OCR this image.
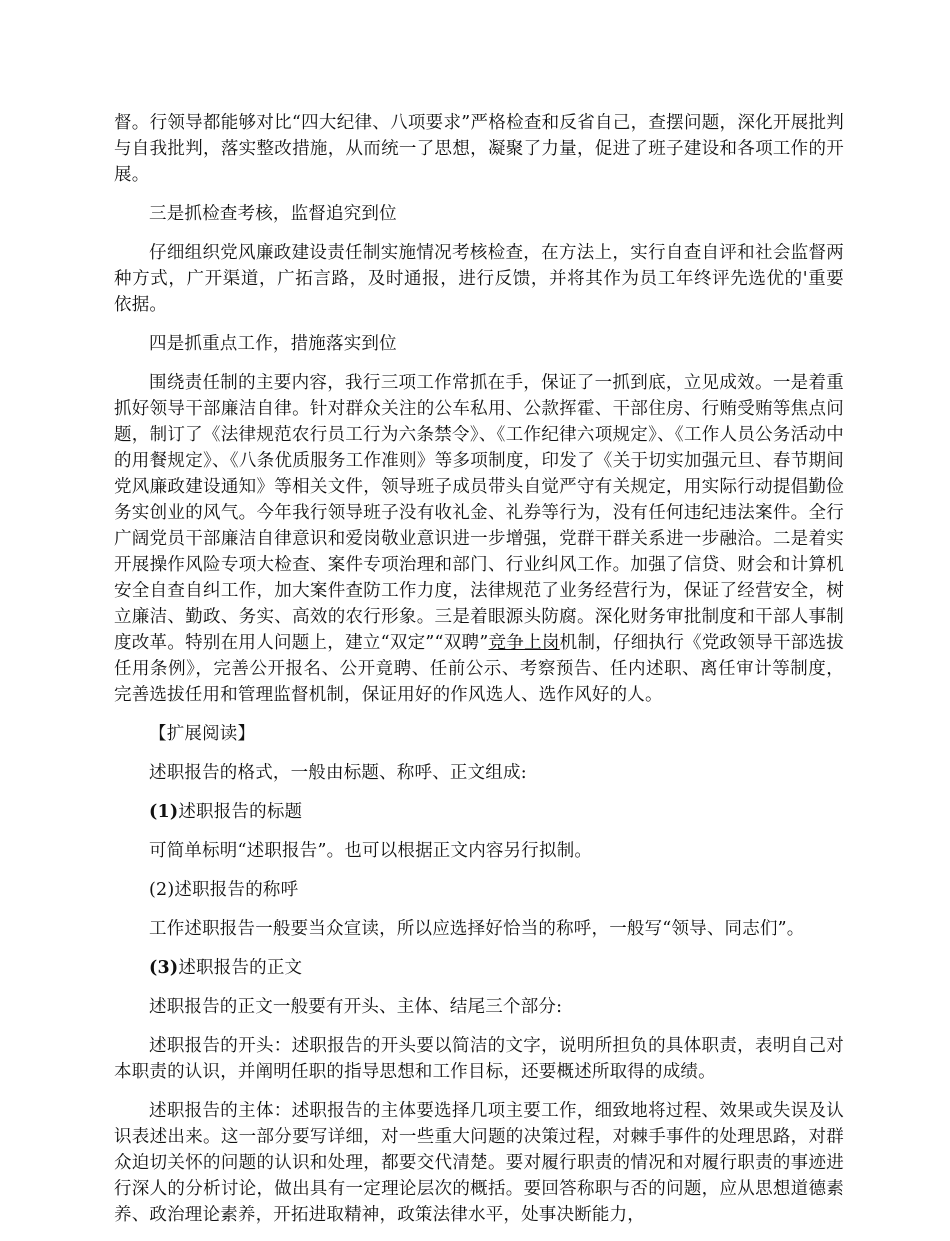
督。行领导都能够对比“四大纪律、八项要求”严格检查和反省自己，查摆问题，深化开展批判与自我批判，落实整改措施，从而统一了思想，凝聚了力量，促进了班子建设和各项工作的开展。

三是抓检查考核，监督追究到位

仔细组织党风廉政建设责任制实施情况考核检查，在方法上，实行自查自评和社会监督两种方式，广开渠道，广拓言路，及时通报，进行反馈，并将其作为员工年终评先选优的'重要依据。

四是抓重点工作，措施落实到位

围绕责任制的主要内容，我行三项工作常抓在手，保证了一抓到底，立见成效。一是着重抓好领导干部廉洁自律。针对群众关注的公车私用、公款挥霍、干部住房、行贿受贿等焦点问题，制订了《法律规范农行员工行为六条禁令》、《工作纪律六项规定》、《工作人员公务活动中的用餐规定》、《八条优质服务工作准则》等多项制度，印发了《关于切实加强元旦、春节期间党风廉政建设通知》等相关文件，领导班子成员带头自觉严守有关规定，用实际行动提倡勤俭务实创业的风气。今年我行领导班子没有收礼金、礼券等行为，没有任何违纪违法案件。全行广阔党员干部廉洁自律意识和爱岗敬业意识进一步增强，党群干群关系进一步融洽。二是着实开展操作风险专项大检查、案件专项治理和部门、行业纠风工作。加强了信贷、财会和计算机安全自查自纠工作，加大案件查防工作力度，法律规范了业务经营行为，保证了经营安全，树立廉洁、勤政、务实、高效的农行形象。三是着眼源头防腐。深化财务审批制度和干部人事制度改革。特别在用人问题上，建立“双定”“双聘”竞争上岗机制，仔细执行《党政领导干部选拔任用条例》，完善公开报名、公开竟聘、任前公示、考察预告、任内述职、离任审计等制度，完善选拔任用和管理监督机制，保证用好的作风选人、选作风好的人。

【扩展阅读】

述职报告的格式，一般由标题、称呼、正文组成:

(1)述职报告的标题

可简单标明“述职报告”。也可以根据正文内容另行拟制。

(2)述职报告的称呼

工作述职报告一般要当众宣读，所以应选择好恰当的称呼，一般写“领导、同志们”。

(3)述职报告的正文

述职报告的正文一般要有开头、主体、结尾三个部分:

述职报告的开头：述职报告的开头要以简洁的文字，说明所担负的具体职责，表明自己对本职责的认识，并阐明任职的指导思想和工作目标，还要概述所取得的成绩。

述职报告的主体：述职报告的主体要选择几项主要工作，细致地将过程、效果或失误及认识表述出来。这一部分要写详细，对一些重大问题的决策过程，对棘手事件的处理思路，对群众迫切关怀的问题的认识和处理，都要交代清楚。要对履行职责的情况和对履行职责的事迹进行深人的分析讨论，做出具有一定理论层次的概括。要回答称职与否的问题，应从思想道德素养、政治理论素养，开拓进取精神，政策法律水平，处事决断能力，
